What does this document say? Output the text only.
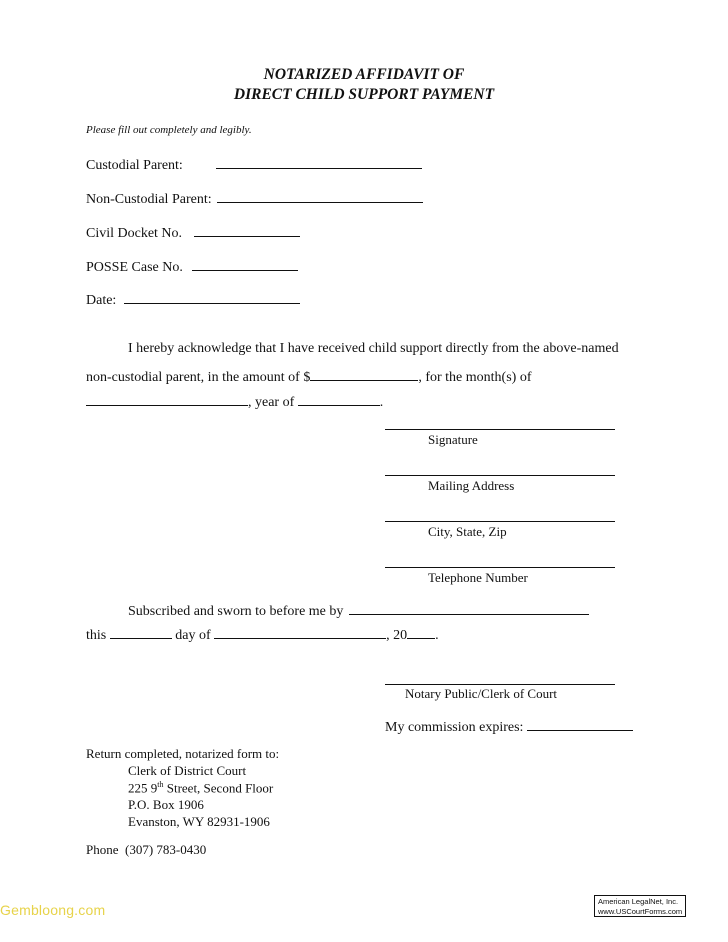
NOTARIZED AFFIDAVIT OF
DIRECT CHILD SUPPORT PAYMENT
Please fill out completely and legibly.
Custodial Parent:
Non-Custodial Parent:
Civil Docket No.
POSSE Case No.
Date:
I hereby acknowledge that I have received child support directly from the above-named
non-custodial parent, in the amount of $	, for the month(s) of
, year of	.
Signature
Mailing Address
City, State, Zip
Telephone Number
Subscribed and sworn to before me by
this	day of	, 20 .
Notary Public/Clerk of Court
My commission expires:
Return completed, notarized form to:
Clerk of District Court
225 9th Street, Second Floor
P.O. Box 1906
Evanston, WY 82931-1906
Phone  (307) 783-0430
American LegalNet, Inc.
www.USCourtForms.com
Gembloong.com
